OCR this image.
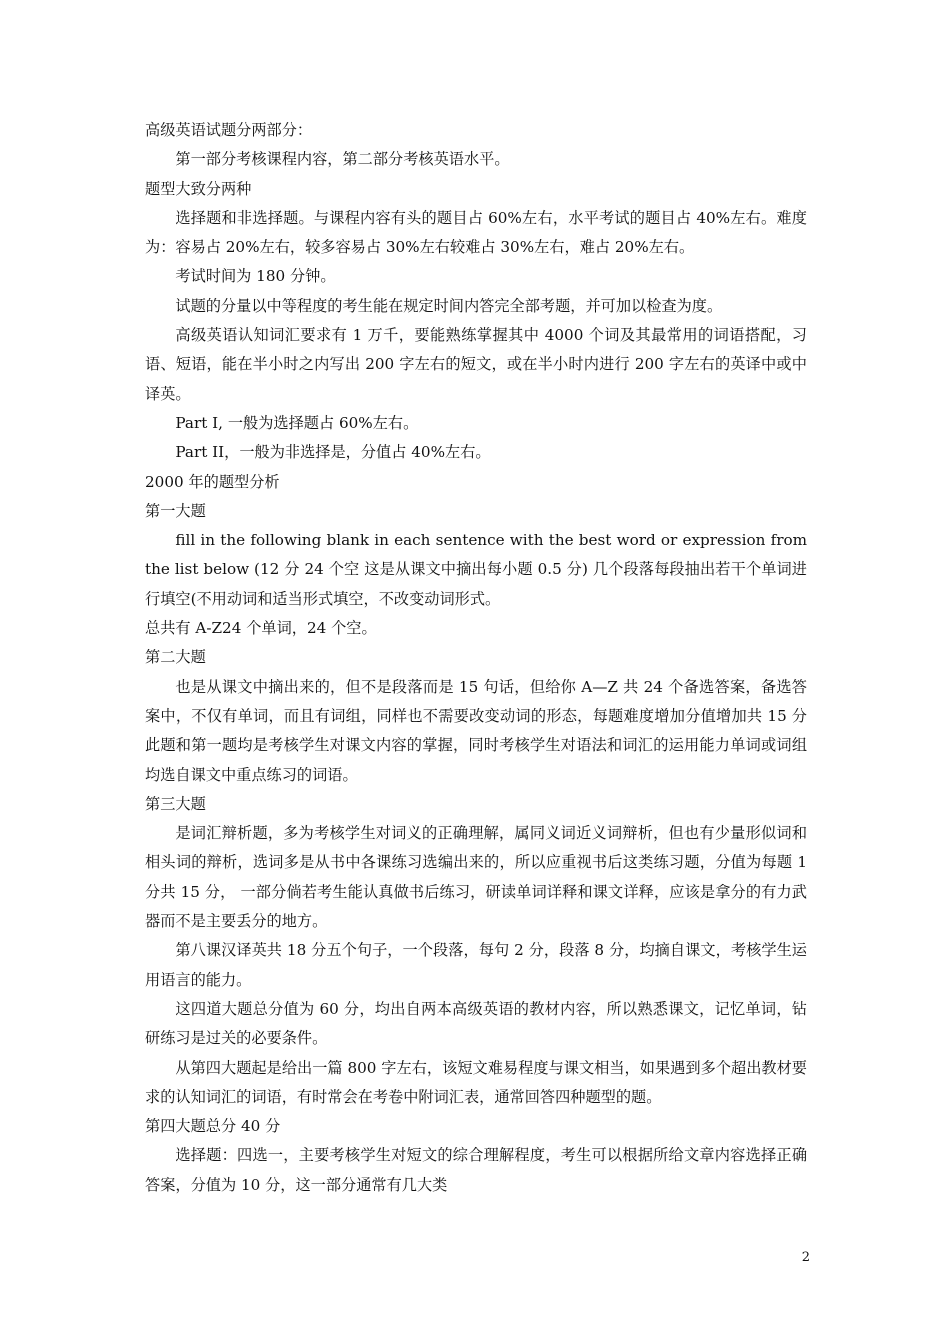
高级英语试题分两部分：

第一部分考核课程内容，第二部分考核英语水平。

题型大致分两种

选择题和非选择题。与课程内容有头的题目占 60%左右，水平考试的题目占 40%左右。难度为：容易占 20%左右，较多容易占 30%左右较难占 30%左右，难占 20%左右。

考试时间为 180 分钟。

试题的分量以中等程度的考生能在规定时间内答完全部考题，并可加以检查为度。

高级英语认知词汇要求有 1 万千，要能熟练掌握其中 4000 个词及其最常用的词语搭配，习语、短语，能在半小时之内写出 200 字左右的短文，或在半小时内进行 200 字左右的英译中或中译英。

Part I, 一般为选择题占 60%左右。

Part II，一般为非选择是，分值占 40%左右。

2000 年的题型分析

第一大题

fill in the following blank in each sentence with the best word or expression from the list below (12 分 24 个空 这是从课文中摘出每小题 0.5 分) 几个段落每段抽出若干个单词进行填空(不用动词和适当形式填空，不改变动词形式。

总共有 A-Z24 个单词，24 个空。

第二大题

也是从课文中摘出来的，但不是段落而是 15 句话，但给你 A—Z 共 24 个备选答案，备选答案中，不仅有单词，而且有词组，同样也不需要改变动词的形态，每题难度增加分值增加共 15 分此题和第一题均是考核学生对课文内容的掌握，同时考核学生对语法和词汇的运用能力单词或词组均选自课文中重点练习的词语。

第三大题

是词汇辩析题，多为考核学生对词义的正确理解，属同义词近义词辩析，但也有少量形似词和相头词的辩析，选词多是从书中各课练习选编出来的，所以应重视书后这类练习题，分值为每题 1 分共 15 分， 一部分倘若考生能认真做书后练习，研读单词详释和课文详释，应该是拿分的有力武器而不是主要丢分的地方。

第八课汉译英共 18 分五个句子，一个段落，每句 2 分，段落 8 分，均摘自课文，考核学生运用语言的能力。

这四道大题总分值为 60 分，均出自两本高级英语的教材内容，所以熟悉课文，记忆单词，钻研练习是过关的必要条件。

从第四大题起是给出一篇 800 字左右，该短文难易程度与课文相当，如果遇到多个超出教材要求的认知词汇的词语，有时常会在考卷中附词汇表，通常回答四种题型的题。

第四大题总分 40 分

选择题：四选一，主要考核学生对短文的综合理解程度，考生可以根据所给文章内容选择正确答案，分值为 10 分，这一部分通常有几大类

2
